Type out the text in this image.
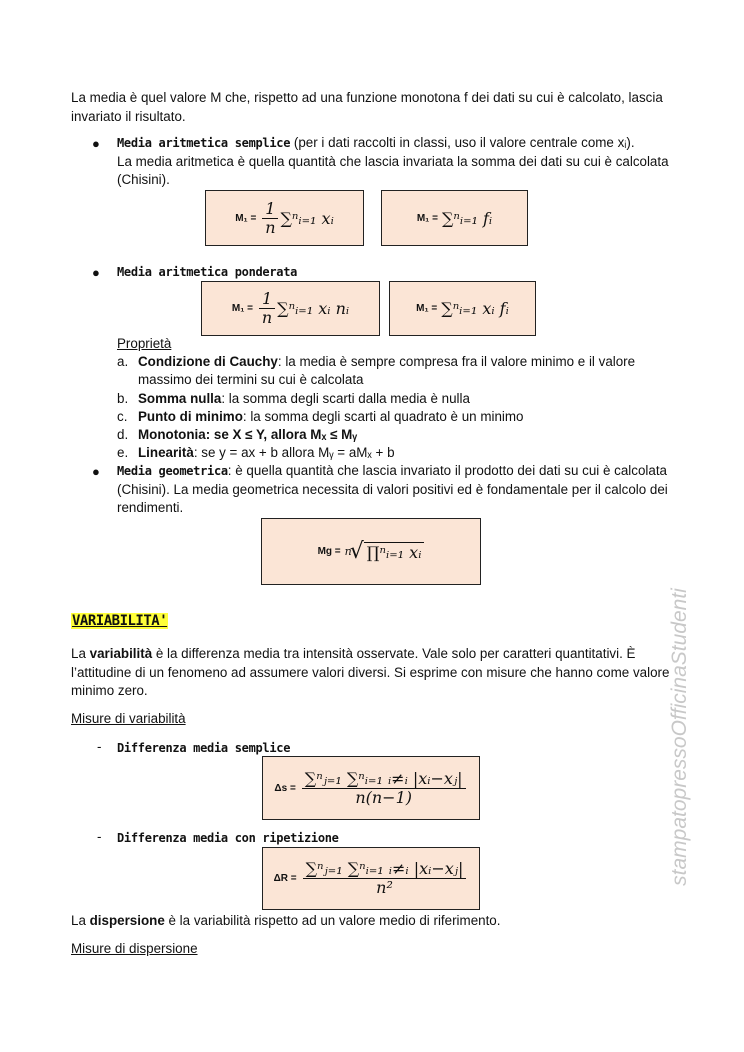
La media è quel valore M che, rispetto ad una funzione monotona f dei dati su cui è calcolato, lascia invariato il risultato.

● Media aritmetica semplice (per i dati raccolti in classi, uso il valore centrale come xᵢ).
La media aritmetica è quella quantità che lascia invariata la somma dei dati su cui è calcolata (Chisini).
$M_1 = \frac{1}{n}$ ∑ⁿᵢ₌₁ xᵢ	M₁ = ∑ⁿᵢ₌₁ fᵢ
● Media aritmetica ponderata
$M_1 = \frac{1}{n}$ ∑ⁿᵢ₌₁ xᵢ nᵢ	M₁ = ∑ⁿᵢ₌₁ xᵢ fᵢ
Proprietà
a. Condizione di Cauchy: la media è sempre compresa fra il valore minimo e il valore massimo dei termini su cui è calcolata
b. Somma nulla: la somma degli scarti dalla media è nulla
c. Punto di minimo: la somma degli scarti al quadrato è un minimo
d. Monotonia: se X ≤ Y, allora Mₓ ≤ Mᵧ
e. Linearità: se y = ax + b allora Mᵧ = aMₓ + b
● Media geometrica: è quella quantità che lascia invariato il prodotto dei dati su cui è calcolata (Chisini). La media geometrica necessita di valori positivi ed è fondamentale per il calcolo dei rendimenti.
Mg = n
√ ∏ⁿᵢ₌₁ xᵢ
VARIABILITA'

La variabilità è la differenza media tra intensità osservate. Vale solo per caratteri quantitativi. È l’attitudine di un fenomeno ad assumere valori diversi. Si esprime con misure che hanno come valore minimo zero.

Misure di variabilità
- Differenza media semplice
$\Delta s = \frac{\text{∑ⁿⱼ₌₁ ∑ⁿᵢ₌₁ ᵢ≠ᵢ |xᵢ−xⱼ|}}{n(n-1)}$
- Differenza media con ripetizione
$\Delta R = \frac{\text{∑ⁿⱼ₌₁ ∑ⁿᵢ₌₁ ᵢ≠ᵢ |xᵢ−xⱼ|}}{\text{n²}}$

La dispersione è la variabilità rispetto ad un valore medio di riferimento.

Misure di dispersione
stampatopressoOfficinaStudenti
